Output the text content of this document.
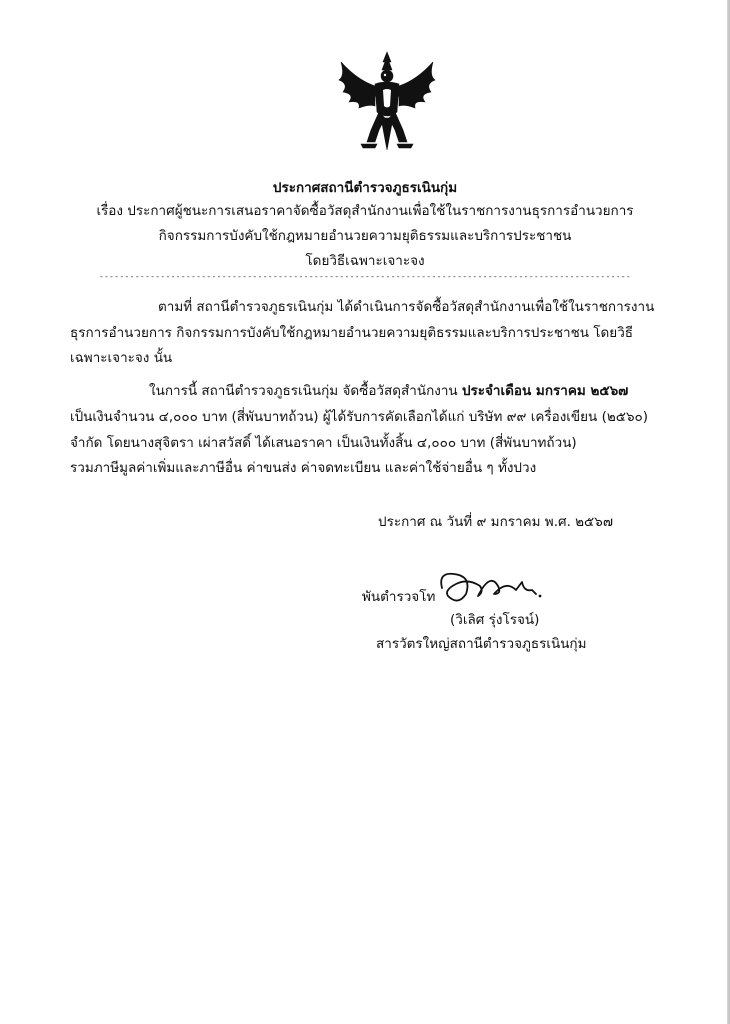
ประกาศสถานีตำรวจภูธรเนินกุ่ม
เรื่อง ประกาศผู้ชนะการเสนอราคาจัดซื้อวัสดุสำนักงานเพื่อใช้ในราชการงานธุรการอำนวยการ
กิจกรรมการบังคับใช้กฎหมายอำนวยความยุติธรรมและบริการประชาชน
โดยวิธีเฉพาะเจาะจง
--------------------------------------------------------------------------------------------------------
ตามที่ สถานีตำรวจภูธรเนินกุ่ม ได้ดำเนินการจัดซื้อวัสดุสำนักงานเพื่อใช้ในราชการงาน
ธุรการอำนวยการ กิจกรรมการบังคับใช้กฎหมายอำนวยความยุติธรรมและบริการประชาชน โดยวิธี
เฉพาะเจาะจง นั้น
ในการนี้ สถานีตำรวจภูธรเนินกุ่ม จัดซื้อวัสดุสำนักงาน ประจำเดือน มกราคม ๒๕๖๗
เป็นเงินจำนวน ๔,๐๐๐ บาท (สี่พันบาทถ้วน) ผู้ได้รับการคัดเลือกได้แก่ บริษัท ๙๙ เครื่องเขียน (๒๕๖๐)
จำกัด โดยนางสุจิตรา เผ่าสวัสดิ์ ได้เสนอราคา เป็นเงินทั้งสิ้น ๔,๐๐๐ บาท (สี่พันบาทถ้วน)
รวมภาษีมูลค่าเพิ่มและภาษีอื่น ค่าขนส่ง ค่าจดทะเบียน และค่าใช้จ่ายอื่น ๆ ทั้งปวง
ประกาศ ณ วันที่ ๙ มกราคม พ.ศ. ๒๕๖๗
พันตำรวจโท
(วิเลิศ รุ่งโรจน์)
สารวัตรใหญ่สถานีตำรวจภูธรเนินกุ่ม
